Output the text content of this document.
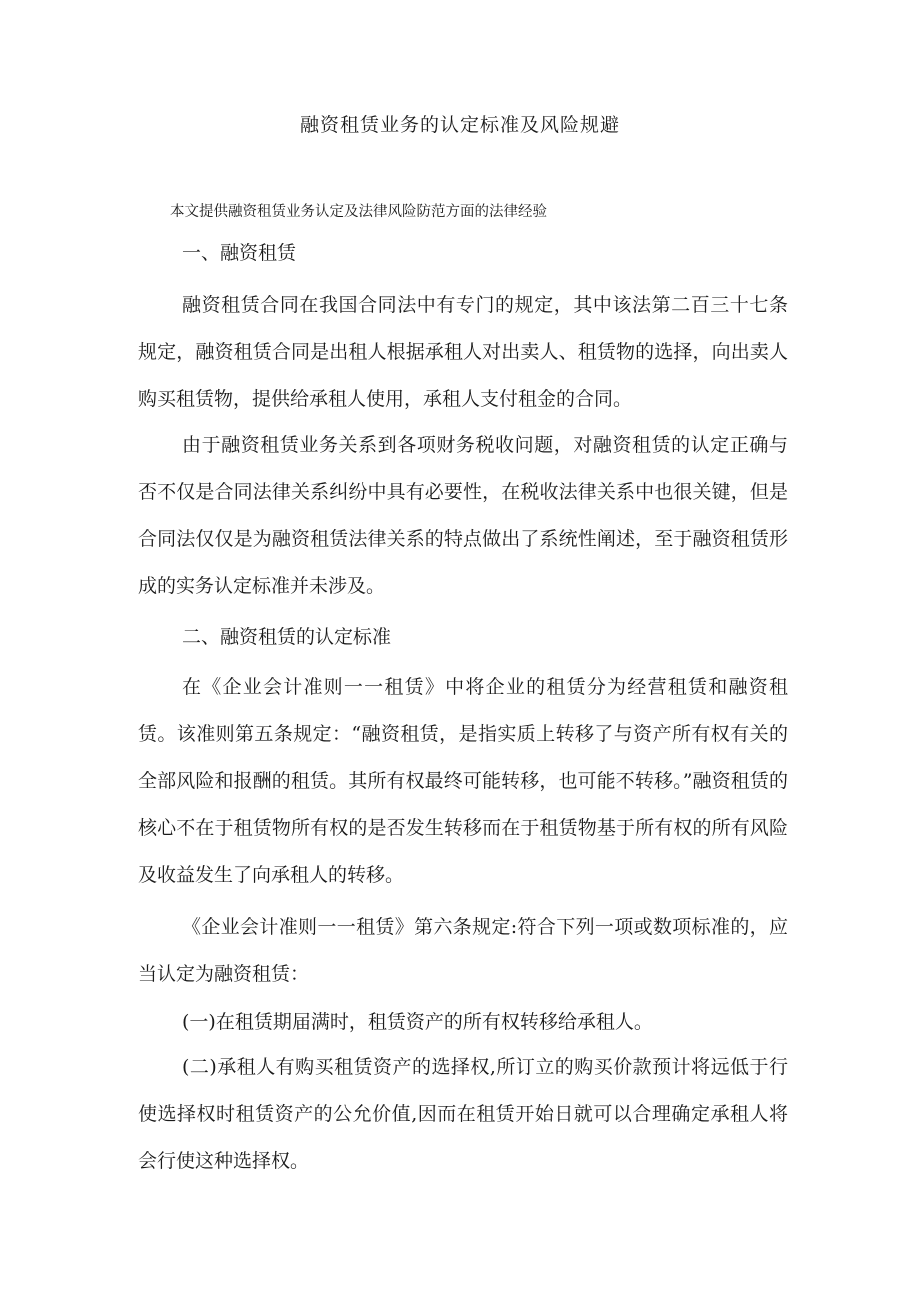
融资租赁业务的认定标准及风险规避
本文提供融资租赁业务认定及法律风险防范方面的法律经验
一、融资租赁

融资租赁合同在我国合同法中有专门的规定，其中该法第二百三十七条规定，融资租赁合同是出租人根据承租人对出卖人、租赁物的选择，向出卖人购买租赁物，提供给承租人使用，承租人支付租金的合同。

由于融资租赁业务关系到各项财务税收问题，对融资租赁的认定正确与否不仅是合同法律关系纠纷中具有必要性，在税收法律关系中也很关键，但是合同法仅仅是为融资租赁法律关系的特点做出了系统性阐述，至于融资租赁形成的实务认定标准并未涉及。

二、融资租赁的认定标准

在《企业会计准则一一租赁》中将企业的租赁分为经营租赁和融资租赁。该准则第五条规定：“融资租赁，是指实质上转移了与资产所有权有关的全部风险和报酬的租赁。其所有权最终可能转移，也可能不转移。”融资租赁的核心不在于租赁物所有权的是否发生转移而在于租赁物基于所有权的所有风险及收益发生了向承租人的转移。

《企业会计准则一一租赁》第六条规定:符合下列一项或数项标准的，应当认定为融资租赁：

(一)在租赁期届满时，租赁资产的所有权转移给承租人。

(二)承租人有购买租赁资产的选择权,所订立的购买价款预计将远低于行使选择权时租赁资产的公允价值,因而在租赁开始日就可以合理确定承租人将会行使这种选择权。
